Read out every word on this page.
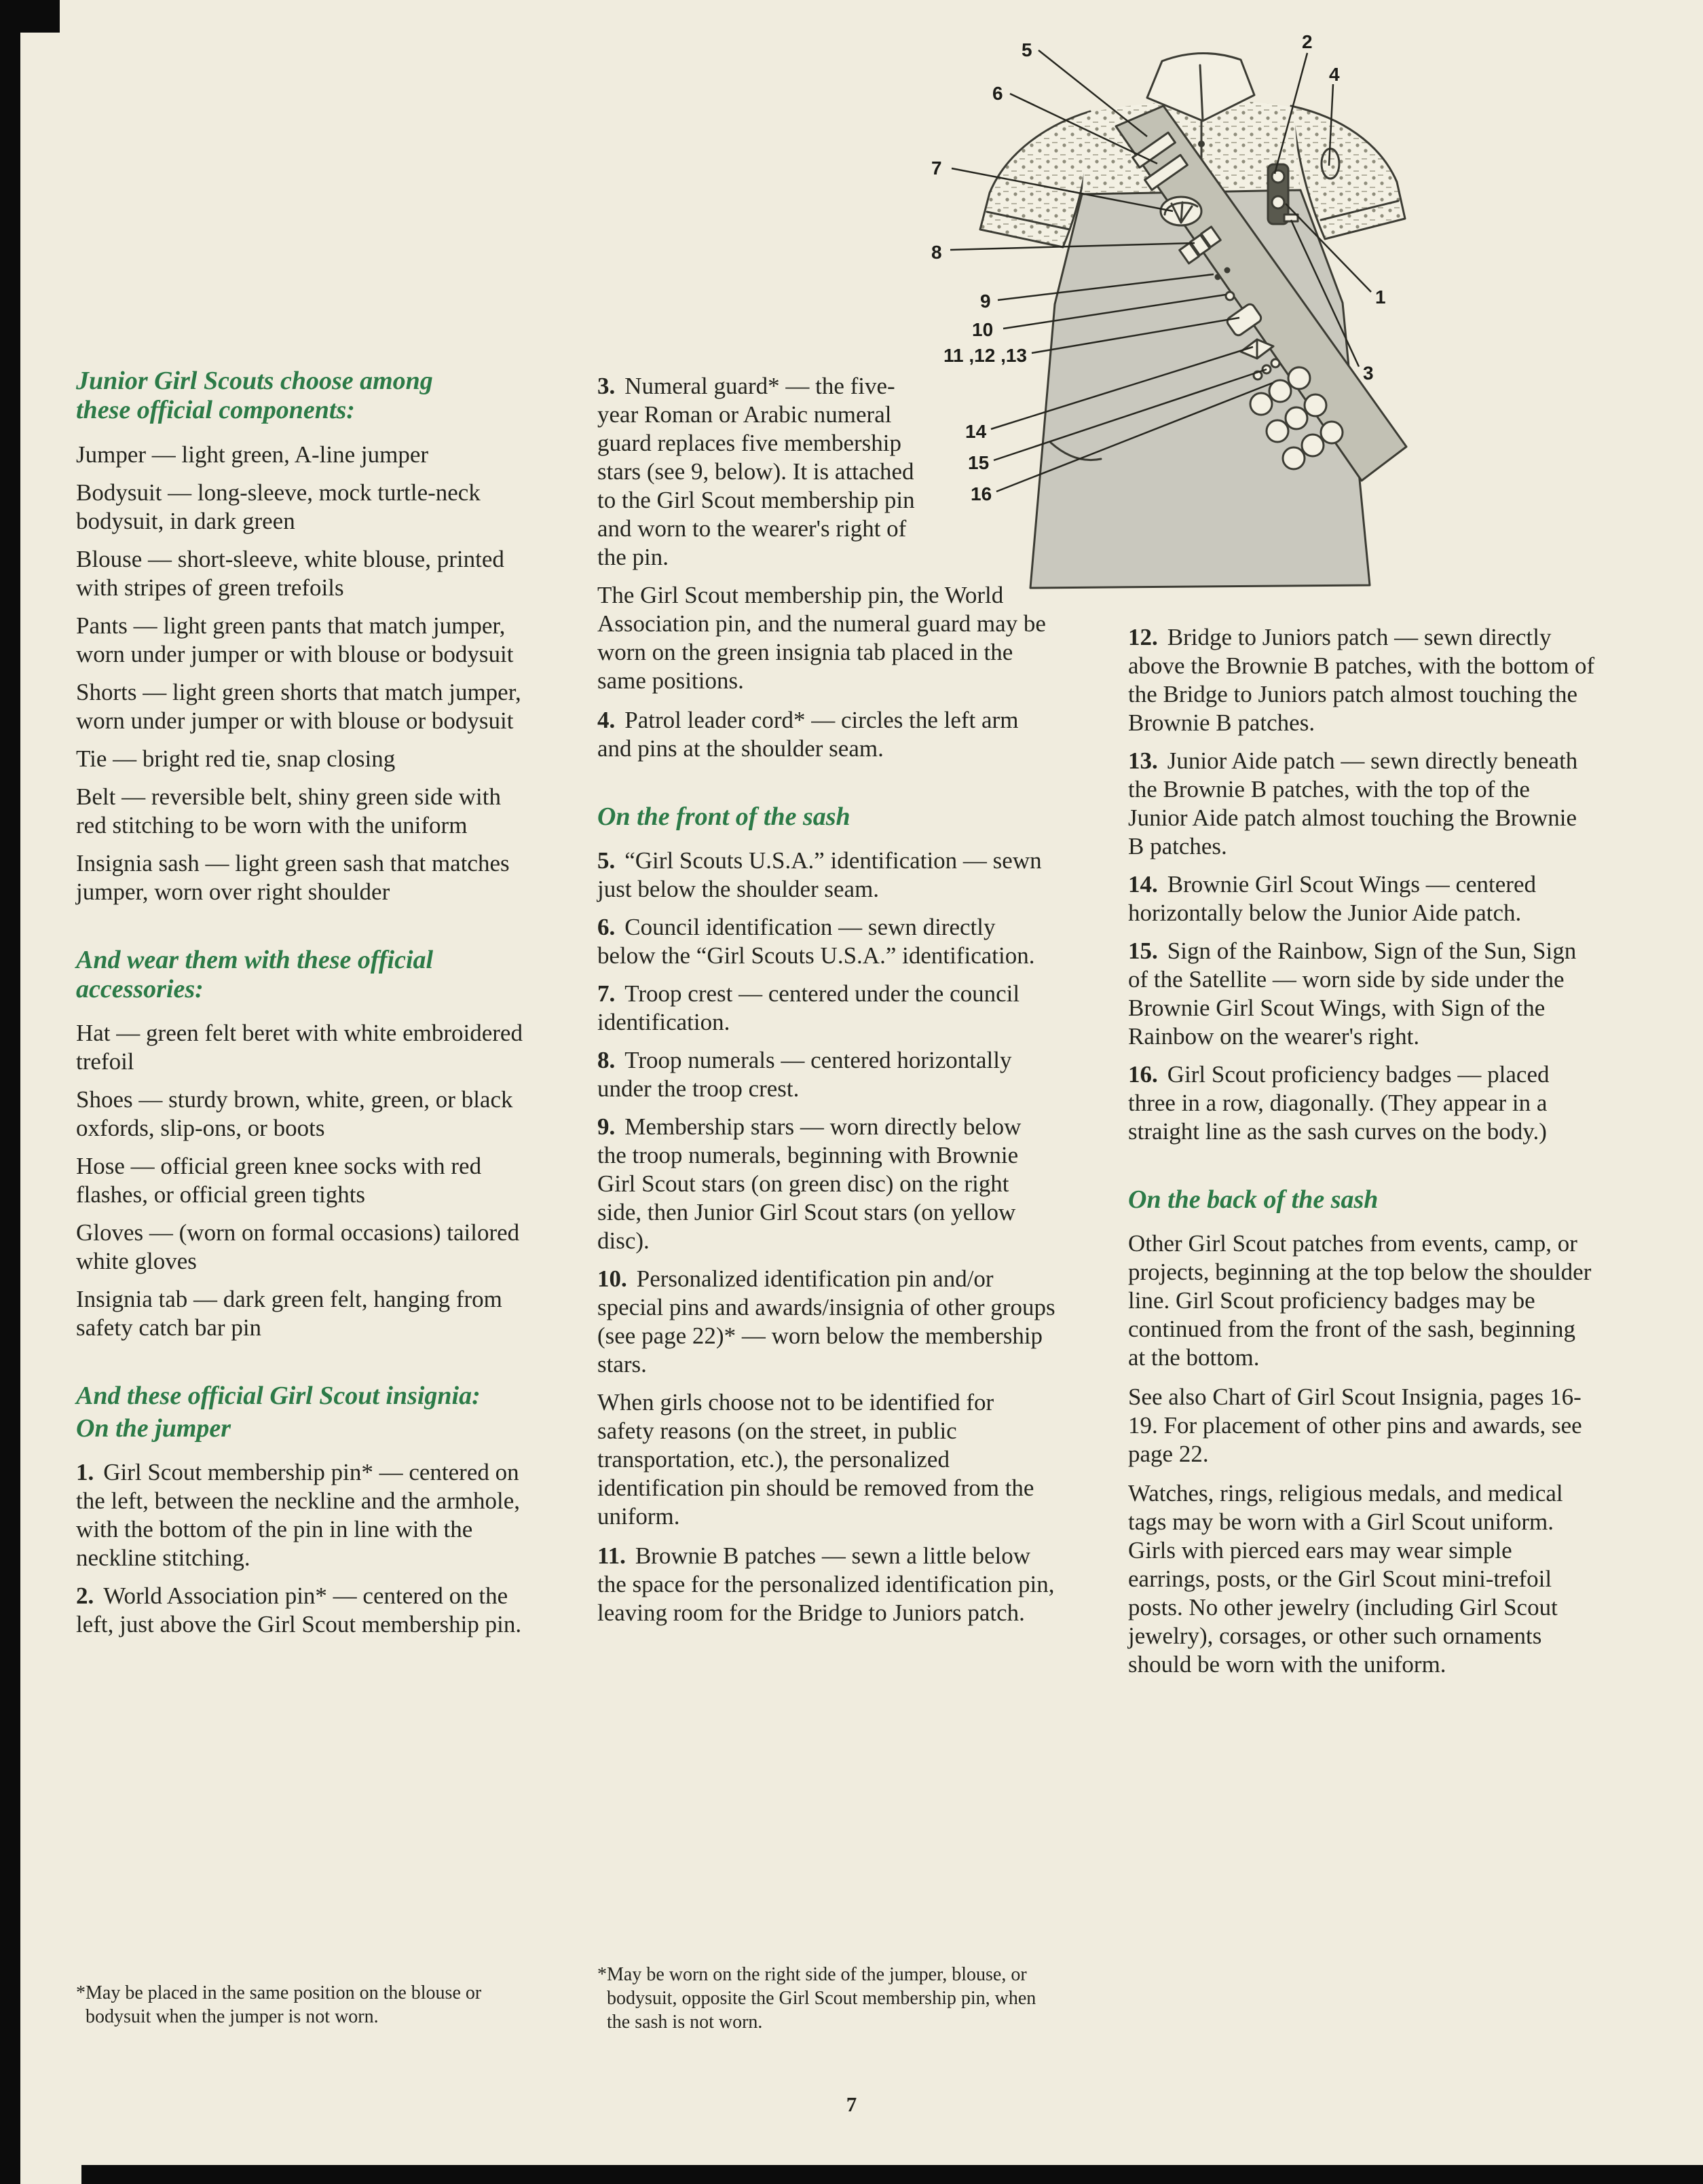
5
6
7
8
9
10
11 ,12 ,13
14
15
16
2
4
1
3
Junior Girl Scouts choose among these official components:

Jumper — light green, A-line jumper

Bodysuit — long-sleeve, mock turtle-neck bodysuit, in dark green

Blouse — short-sleeve, white blouse, printed with stripes of green trefoils

Pants — light green pants that match jumper, worn under jumper or with blouse or bodysuit

Shorts — light green shorts that match jumper, worn under jumper or with blouse or bodysuit

Tie — bright red tie, snap closing

Belt — reversible belt, shiny green side with red stitching to be worn with the uniform

Insignia sash — light green sash that matches jumper, worn over right shoulder

And wear them with these official accessories:

Hat — green felt beret with white embroidered trefoil

Shoes — sturdy brown, white, green, or black oxfords, slip-ons, or boots

Hose — official green knee socks with red flashes, or official green tights

Gloves — (worn on formal occasions) tailored white gloves

Insignia tab — dark green felt, hanging from safety catch bar pin

And these official Girl Scout insignia:
On the jumper

1. Girl Scout membership pin* — centered on the left, between the neckline and the armhole, with the bottom of the pin in line with the neckline stitching.

2. World Association pin* — centered on the left, just above the Girl Scout membership pin.

*May be placed in the same position on the blouse or bodysuit when the jumper is not worn.

3. Numeral guard* — the five-year Roman or Arabic numeral guard replaces five membership stars (see 9, below). It is attached to the Girl Scout membership pin and worn to the wearer's right of the pin.

The Girl Scout membership pin, the World Association pin, and the numeral guard may be worn on the green insignia tab placed in the same positions.

4. Patrol leader cord* — circles the left arm and pins at the shoulder seam.

On the front of the sash

5. “Girl Scouts U.S.A.” identification — sewn just below the shoulder seam.

6. Council identification — sewn directly below the “Girl Scouts U.S.A.” identification.

7. Troop crest — centered under the council identification.

8. Troop numerals — centered horizontally under the troop crest.

9. Membership stars — worn directly below the troop numerals, beginning with Brownie Girl Scout stars (on green disc) on the right side, then Junior Girl Scout stars (on yellow disc).

10. Personalized identification pin and/or special pins and awards/insignia of other groups (see page 22)* — worn below the membership stars.

When girls choose not to be identified for safety reasons (on the street, in public transportation, etc.), the personalized identification pin should be removed from the uniform.

11. Brownie B patches — sewn a little below the space for the personalized identification pin, leaving room for the Bridge to Juniors patch.

*May be worn on the right side of the jumper, blouse, or bodysuit, opposite the Girl Scout membership pin, when the sash is not worn.

12. Bridge to Juniors patch — sewn directly above the Brownie B patches, with the bottom of the Bridge to Juniors patch almost touching the Brownie B patches.

13. Junior Aide patch — sewn directly beneath the Brownie B patches, with the top of the Junior Aide patch almost touching the Brownie B patches.

14. Brownie Girl Scout Wings — centered horizontally below the Junior Aide patch.

15. Sign of the Rainbow, Sign of the Sun, Sign of the Satellite — worn side by side under the Brownie Girl Scout Wings, with Sign of the Rainbow on the wearer's right.

16. Girl Scout proficiency badges — placed three in a row, diagonally. (They appear in a straight line as the sash curves on the body.)

On the back of the sash

Other Girl Scout patches from events, camp, or projects, beginning at the top below the shoulder line. Girl Scout proficiency badges may be continued from the front of the sash, beginning at the bottom.

See also Chart of Girl Scout Insignia, pages 16-19. For placement of other pins and awards, see page 22.

Watches, rings, religious medals, and medical tags may be worn with a Girl Scout uniform. Girls with pierced ears may wear simple earrings, posts, or the Girl Scout mini-trefoil posts. No other jewelry (including Girl Scout jewelry), corsages, or other such ornaments should be worn with the uniform.

7
